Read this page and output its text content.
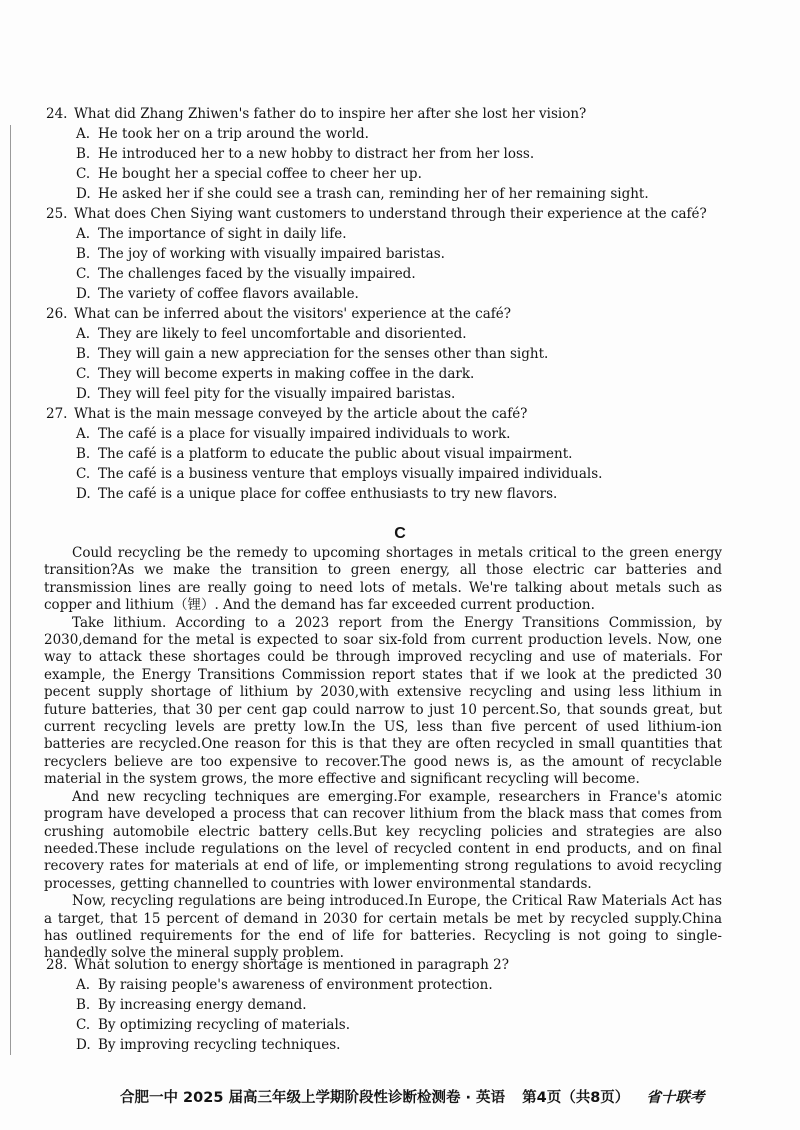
24. What did Zhang Zhiwen's father do to inspire her after she lost her vision?
A. He took her on a trip around the world.
B. He introduced her to a new hobby to distract her from her loss.
C. He bought her a special coffee to cheer her up.
D. He asked her if she could see a trash can, reminding her of her remaining sight.
25. What does Chen Siying want customers to understand through their experience at the café?
A. The importance of sight in daily life.
B. The joy of working with visually impaired baristas.
C. The challenges faced by the visually impaired.
D. The variety of coffee flavors available.
26. What can be inferred about the visitors' experience at the café?
A. They are likely to feel uncomfortable and disoriented.
B. They will gain a new appreciation for the senses other than sight.
C. They will become experts in making coffee in the dark.
D. They will feel pity for the visually impaired baristas.
27. What is the main message conveyed by the article about the café?
A. The café is a place for visually impaired individuals to work.
B. The café is a platform to educate the public about visual impairment.
C. The café is a business venture that employs visually impaired individuals.
D. The café is a unique place for coffee enthusiasts to try new flavors.
C

Could recycling be the remedy to upcoming shortages in metals critical to the green energy transition?As we make the transition to green energy, all those electric car batteries and transmission lines are really going to need lots of metals. We're talking about metals such as copper and lithium（锂）. And the demand has far exceeded current production.

Take lithium. According to a 2023 report from the Energy Transitions Commission, by 2030,demand for the metal is expected to soar six-fold from current production levels. Now, one way to attack these shortages could be through improved recycling and use of materials. For example, the Energy Transitions Commission report states that if we look at the predicted 30 pecent supply shortage of lithium by 2030,with extensive recycling and using less lithium in future batteries, that 30 per cent gap could narrow to just 10 percent.So, that sounds great, but current recycling levels are pretty low.In the US, less than five percent of used lithium-ion batteries are recycled.One reason for this is that they are often recycled in small quantities that recyclers believe are too expensive to recover.The good news is, as the amount of recyclable material in the system grows, the more effective and significant recycling will become.

And new recycling techniques are emerging.For example, researchers in France's atomic program have developed a process that can recover lithium from the black mass that comes from crushing automobile electric battery cells.But key recycling policies and strategies are also needed.These include regulations on the level of recycled content in end products, and on final recovery rates for materials at end of life, or implementing strong regulations to avoid recycling processes, getting channelled to countries with lower environmental standards.

Now, recycling regulations are being introduced.In Europe, the Critical Raw Materials Act has a target, that 15 percent of demand in 2030 for certain metals be met by recycled supply.China has outlined requirements for the end of life for batteries. Recycling is not going to single-handedly solve the mineral supply problem.

28. What solution to energy shortage is mentioned in paragraph 2?
A. By raising people's awareness of environment protection.
B. By increasing energy demand.
C. By optimizing recycling of materials.
D. By improving recycling techniques.
合肥一中 2025 届高三年级上学期阶段性诊断检测卷 · 英语 第4页（共8页） 省十联考
